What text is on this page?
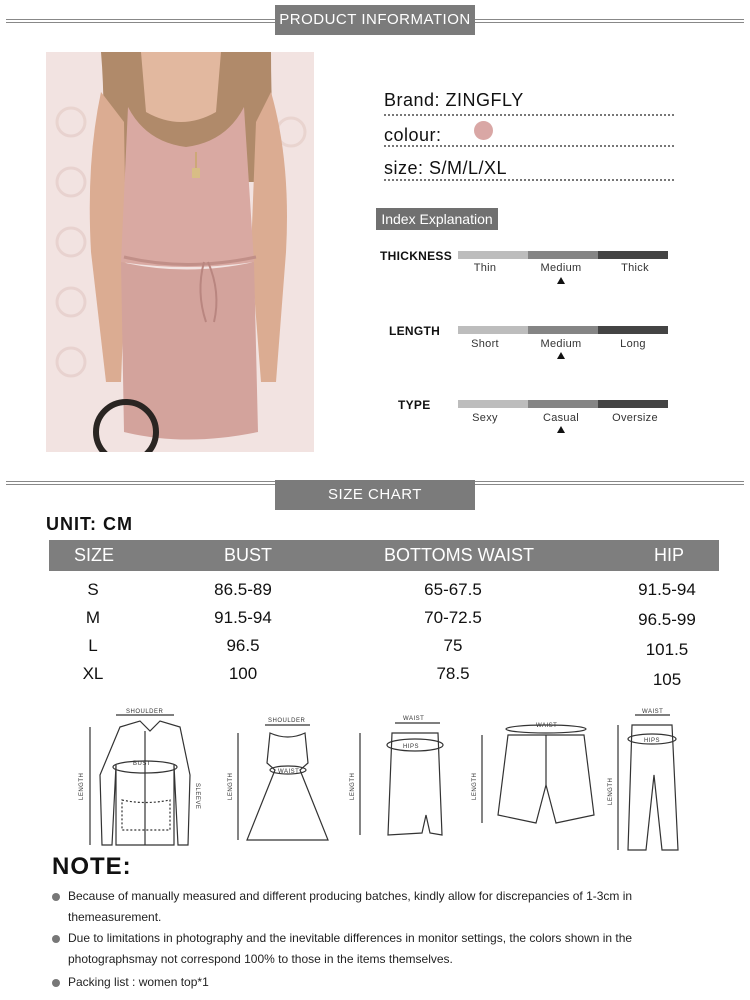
PRODUCT INFORMATION
Brand: ZINGFLY
colour:
size: S/M/L/XL
Index Explanation
THICKNESS
Thin	Medium	Thick
LENGTH
Short	Medium	Long
TYPE
Sexy	Casual	Oversize
SIZE CHART
UNIT: CM
SIZE	BUST	BOTTOMS WAIST	HIP
S	86.5-89	65-67.5	91.5-94
M	91.5-94	70-72.5	96.5-99
L	96.5	75	101.5
XL	100	78.5	105
SHOULDER
BUST
LENGTH	SLEEVE
SHOULDER
WAIST
LENGTH
WAIST
HIPS
LENGTH
WAIST
LENGTH
WAIST
HIPS
LENGTH
NOTE:
Because of manually measured and different producing batches, kindly allow for discrepancies of 1-3cm in themeasurement.
Due to limitations in photography and the inevitable differences in monitor settings, the colors shown in the photographsmay not correspond 100% to those in the items themselves.
Packing list : women top*1
